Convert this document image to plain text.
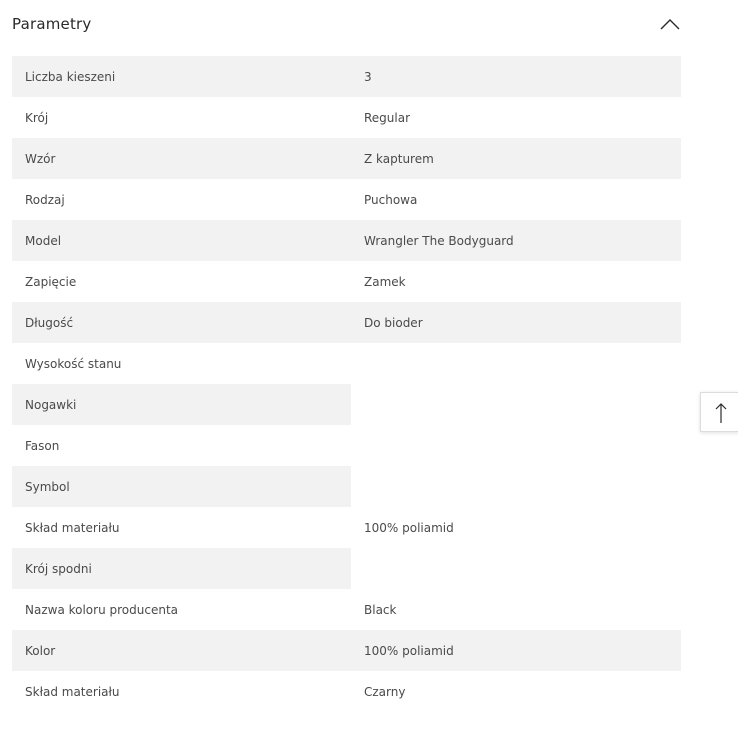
Parametry
Liczba kieszeni	3
Krój	Regular
Wzór	Z kapturem
Rodzaj	Puchowa
Model	Wrangler The Bodyguard
Zapięcie	Zamek
Długość	Do bioder
Wysokość stanu
Nogawki
Fason
Symbol
Skład materiału	100% poliamid
Krój spodni
Nazwa koloru producenta	Black
Kolor	100% poliamid
Skład materiału	Czarny
